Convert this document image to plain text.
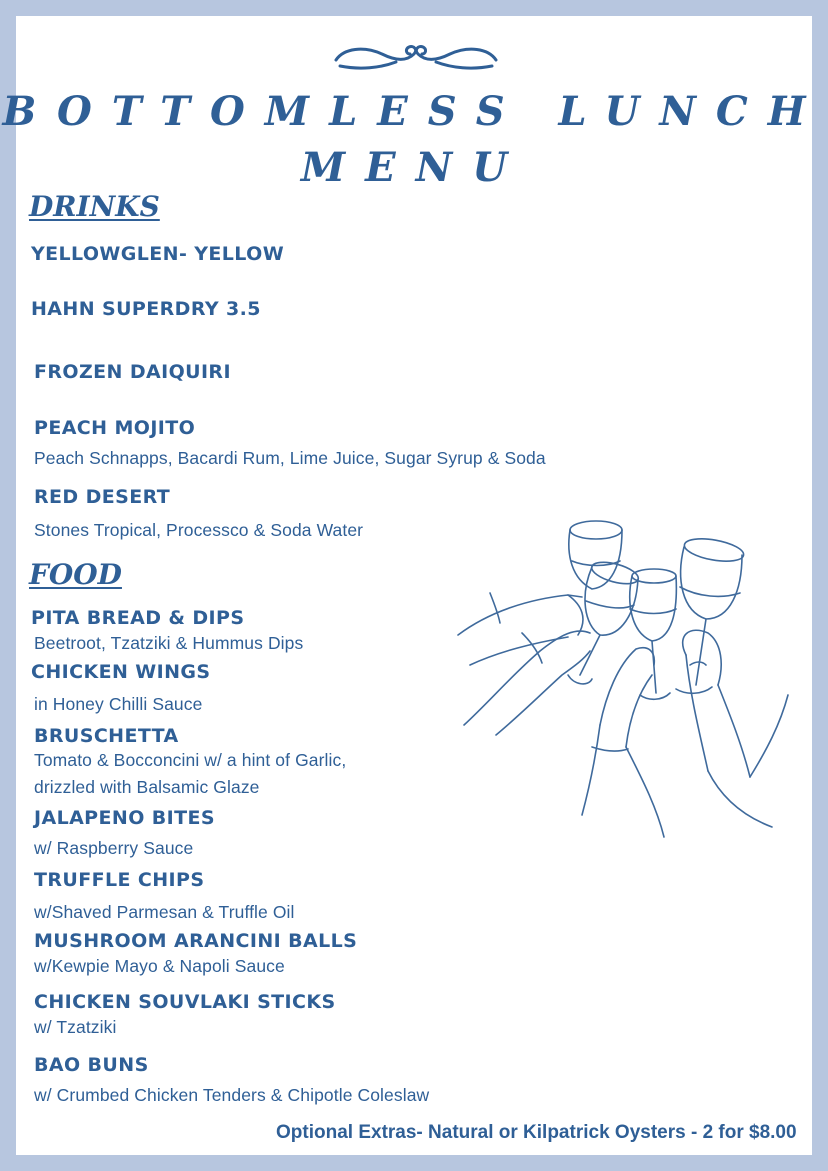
BOTTOMLESS LUNCH
MENU
DRINKS
YELLOWGLEN- YELLOW
HAHN SUPERDRY 3.5
FROZEN DAIQUIRI
PEACH MOJITO
Peach Schnapps, Bacardi Rum, Lime Juice, Sugar Syrup & Soda
RED DESERT
Stones Tropical, Processco & Soda Water
FOOD
PITA BREAD & DIPS
Beetroot, Tzatziki & Hummus Dips
CHICKEN WINGS
in Honey Chilli Sauce
BRUSCHETTA
Tomato & Bocconcini w/ a hint of Garlic,
drizzled with Balsamic Glaze
JALAPENO BITES
w/ Raspberry Sauce
TRUFFLE CHIPS
w/Shaved Parmesan & Truffle Oil
MUSHROOM ARANCINI BALLS
w/Kewpie Mayo & Napoli Sauce
CHICKEN SOUVLAKI STICKS
w/ Tzatziki
BAO BUNS
w/ Crumbed Chicken Tenders & Chipotle Coleslaw
Optional Extras- Natural or Kilpatrick Oysters - 2 for $8.00
